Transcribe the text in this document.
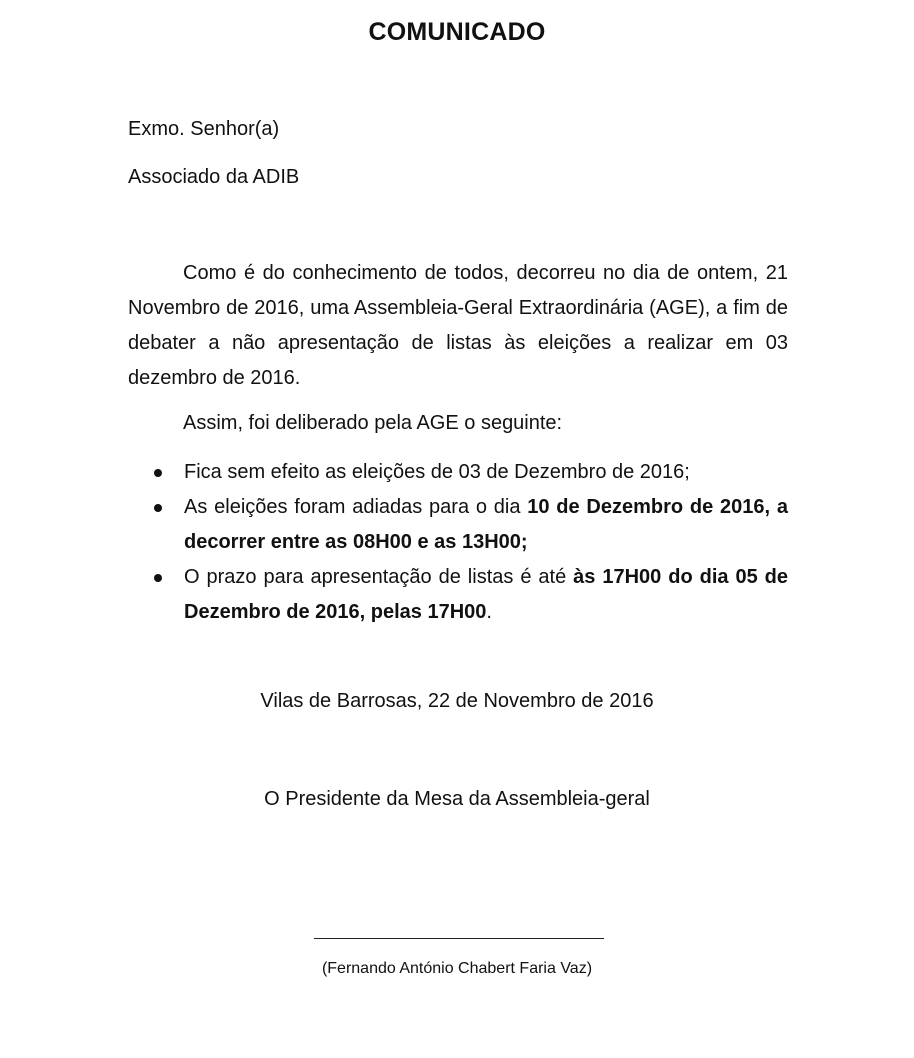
COMUNICADO
Exmo. Senhor(a)
Associado da ADIB
Como é do conhecimento de todos, decorreu no dia de ontem, 21 Novembro de 2016, uma Assembleia-Geral Extraordinária (AGE), a fim de debater a não apresentação de listas às eleições a realizar em 03 dezembro de 2016.
Assim, foi deliberado pela AGE o seguinte:
Fica sem efeito as eleições de 03 de Dezembro de 2016;
As eleições foram adiadas para o dia 10 de Dezembro de 2016, a decorrer entre as 08H00 e as 13H00;
O prazo para apresentação de listas é até às 17H00 do dia 05 de Dezembro de 2016, pelas 17H00.
Vilas de Barrosas, 22 de Novembro de 2016
O Presidente da Mesa da Assembleia-geral
(Fernando António Chabert Faria Vaz)
